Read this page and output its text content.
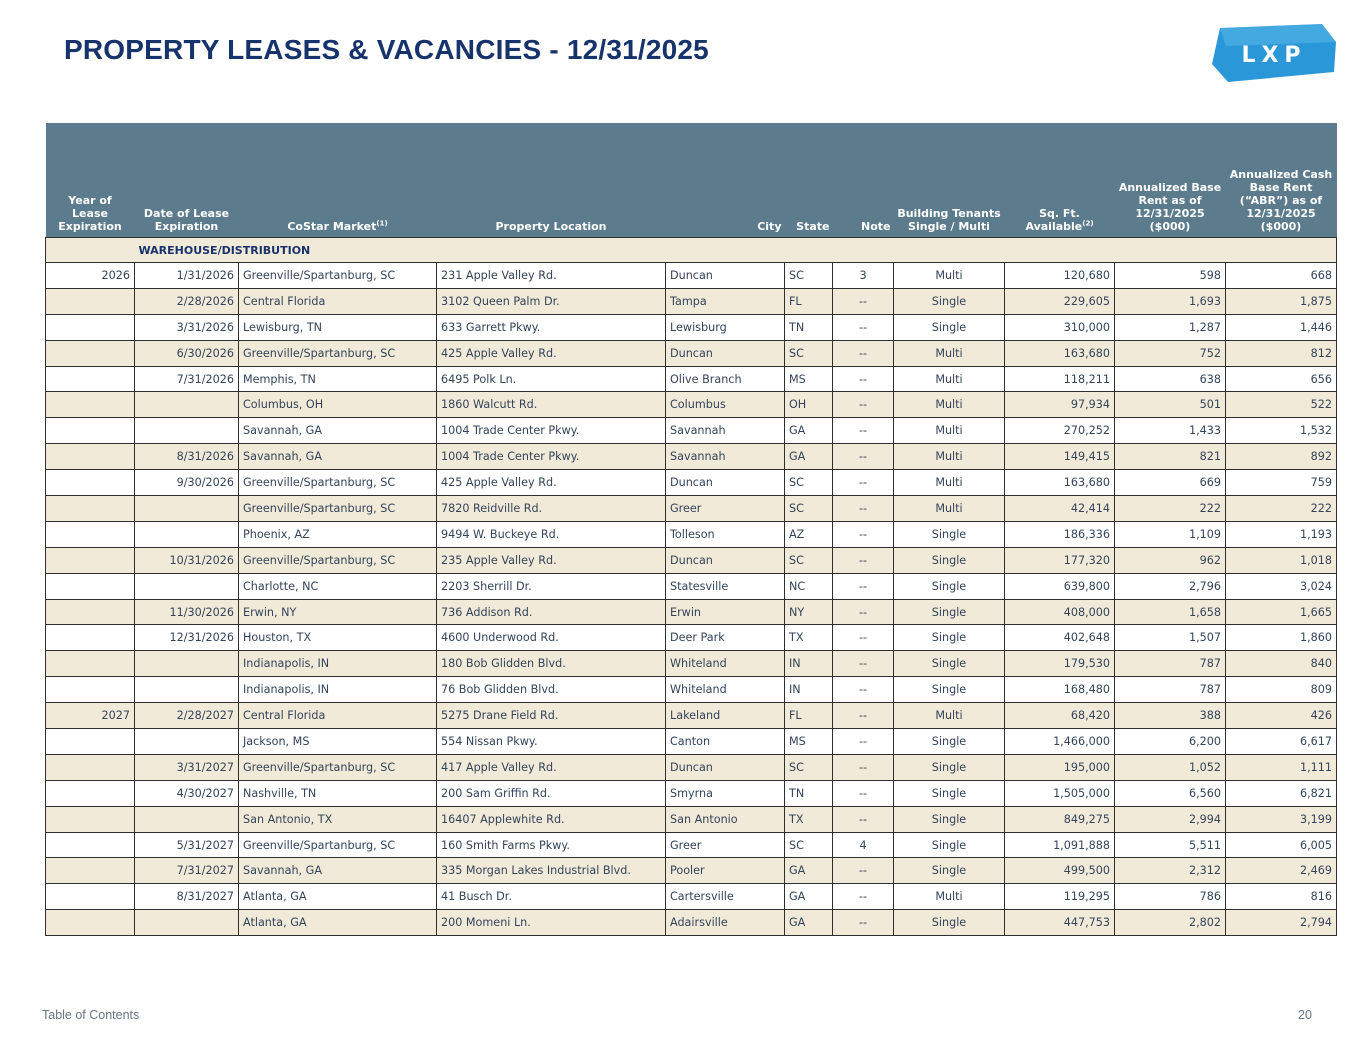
PROPERTY LEASES & VACANCIES - 12/31/2025	LXP
Year of Lease Expiration	Date of Lease Expiration	CoStar Market$^{(1)}$	Property Location	City	State	Note	Building Tenants Single / Multi	Sq. Ft. Available$^{(2)}$	Annualized Base Rent as of 12/31/2025 ($000)	Annualized Cash Base Rent (“ABR”) as of 12/31/2025 ($000)
	WAREHOUSE/DISTRIBUTION									
2026	1/31/2026	Greenville/Spartanburg, SC	231 Apple Valley Rd.	Duncan	SC	3	Multi	120,680	598	668
	2/28/2026	Central Florida	3102 Queen Palm Dr.	Tampa	FL	--	Single	229,605	1,693	1,875
	3/31/2026	Lewisburg, TN	633 Garrett Pkwy.	Lewisburg	TN	--	Single	310,000	1,287	1,446
	6/30/2026	Greenville/Spartanburg, SC	425 Apple Valley Rd.	Duncan	SC	--	Multi	163,680	752	812
	7/31/2026	Memphis, TN	6495 Polk Ln.	Olive Branch	MS	--	Multi	118,211	638	656
		Columbus, OH	1860 Walcutt Rd.	Columbus	OH	--	Multi	97,934	501	522
		Savannah, GA	1004 Trade Center Pkwy.	Savannah	GA	--	Multi	270,252	1,433	1,532
	8/31/2026	Savannah, GA	1004 Trade Center Pkwy.	Savannah	GA	--	Multi	149,415	821	892
	9/30/2026	Greenville/Spartanburg, SC	425 Apple Valley Rd.	Duncan	SC	--	Multi	163,680	669	759
		Greenville/Spartanburg, SC	7820 Reidville Rd.	Greer	SC	--	Multi	42,414	222	222
		Phoenix, AZ	9494 W. Buckeye Rd.	Tolleson	AZ	--	Single	186,336	1,109	1,193
	10/31/2026	Greenville/Spartanburg, SC	235 Apple Valley Rd.	Duncan	SC	--	Single	177,320	962	1,018
		Charlotte, NC	2203 Sherrill Dr.	Statesville	NC	--	Single	639,800	2,796	3,024
	11/30/2026	Erwin, NY	736 Addison Rd.	Erwin	NY	--	Single	408,000	1,658	1,665
	12/31/2026	Houston, TX	4600 Underwood Rd.	Deer Park	TX	--	Single	402,648	1,507	1,860
		Indianapolis, IN	180 Bob Glidden Blvd.	Whiteland	IN	--	Single	179,530	787	840
		Indianapolis, IN	76 Bob Glidden Blvd.	Whiteland	IN	--	Single	168,480	787	809
2027	2/28/2027	Central Florida	5275 Drane Field Rd.	Lakeland	FL	--	Multi	68,420	388	426
		Jackson, MS	554 Nissan Pkwy.	Canton	MS	--	Single	1,466,000	6,200	6,617
	3/31/2027	Greenville/Spartanburg, SC	417 Apple Valley Rd.	Duncan	SC	--	Single	195,000	1,052	1,111
	4/30/2027	Nashville, TN	200 Sam Griffin Rd.	Smyrna	TN	--	Single	1,505,000	6,560	6,821
		San Antonio, TX	16407 Applewhite Rd.	San Antonio	TX	--	Single	849,275	2,994	3,199
	5/31/2027	Greenville/Spartanburg, SC	160 Smith Farms Pkwy.	Greer	SC	4	Single	1,091,888	5,511	6,005
	7/31/2027	Savannah, GA	335 Morgan Lakes Industrial Blvd.	Pooler	GA	--	Single	499,500	2,312	2,469
	8/31/2027	Atlanta, GA	41 Busch Dr.	Cartersville	GA	--	Multi	119,295	786	816
		Atlanta, GA	200 Momeni Ln.	Adairsville	GA	--	Single	447,753	2,802	2,794
Table of Contents	20
